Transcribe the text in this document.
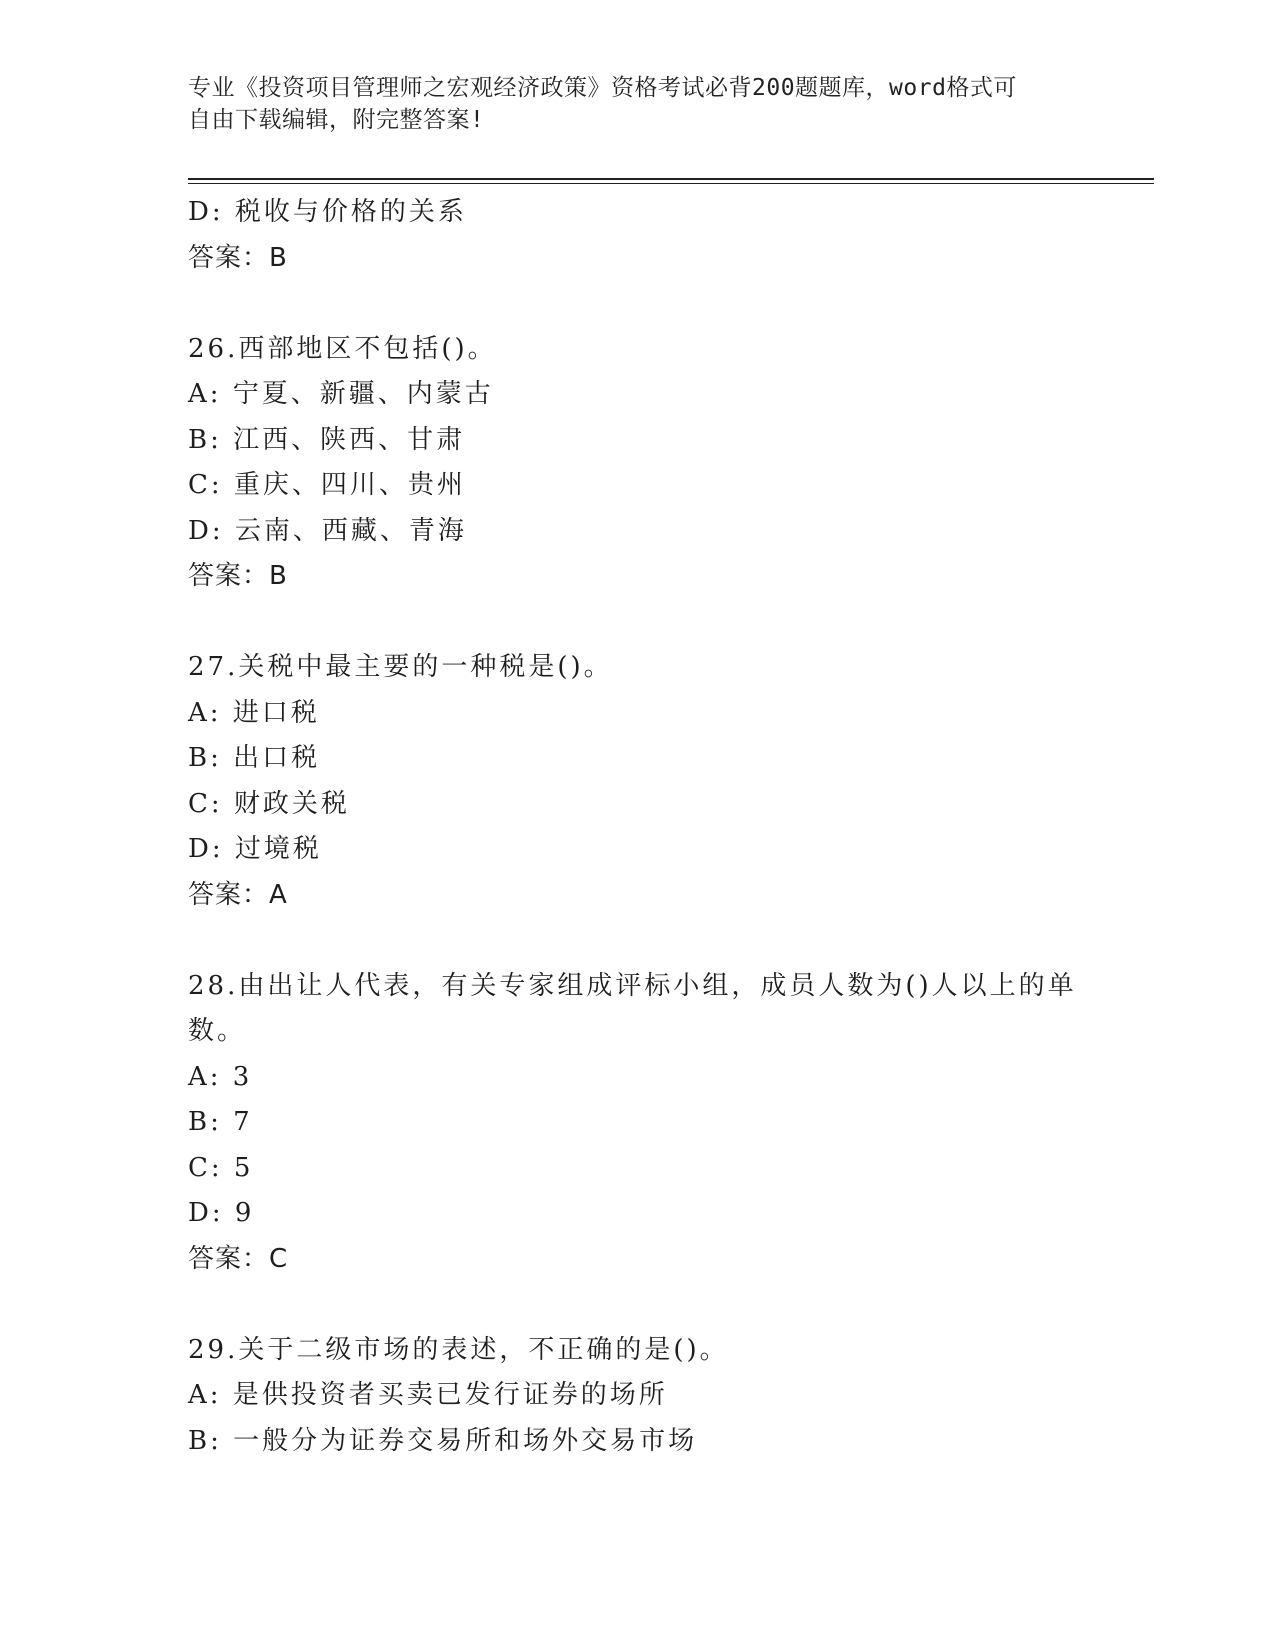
专业《投资项目管理师之宏观经济政策》资格考试必背200题题库，word格式可
自由下载编辑，附完整答案!
D: 税收与价格的关系
答案：B
26.西部地区不包括()。
A: 宁夏、新疆、内蒙古
B: 江西、陕西、甘肃
C: 重庆、四川、贵州
D: 云南、西藏、青海
答案：B
27.关税中最主要的一种税是()。
A: 进口税
B: 出口税
C: 财政关税
D: 过境税
答案：A
28.由出让人代表，有关专家组成评标小组，成员人数为()人以上的单
数。
A: 3
B: 7
C: 5
D: 9
答案：C
29.关于二级市场的表述，不正确的是()。
A: 是供投资者买卖已发行证券的场所
B: 一般分为证券交易所和场外交易市场
